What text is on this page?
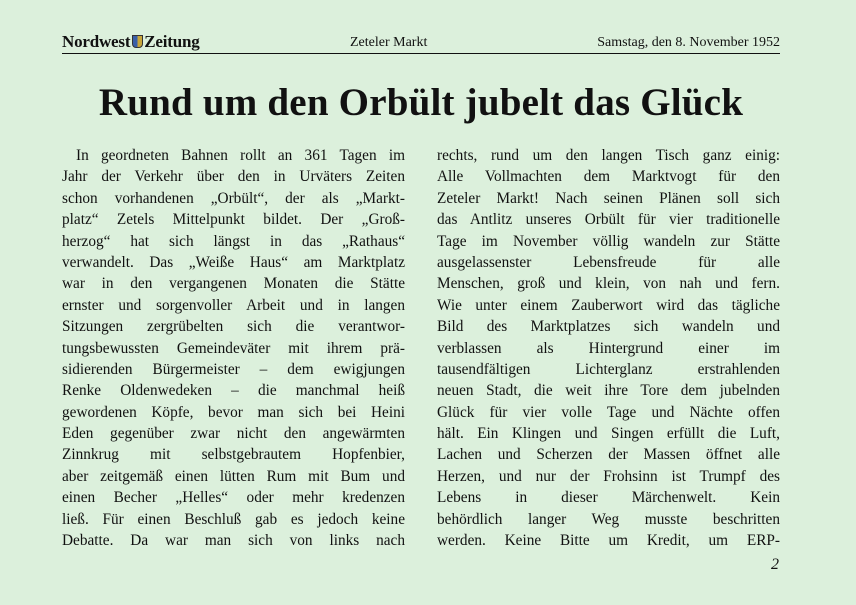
Nordwest Zeitung	Zeteler Markt	Samstag, den 8. November 1952
Rund um den Orbült jubelt das Glück
In geordneten Bahnen rollt an 361 Tagen im
Jahr der Verkehr über den in Urväters Zeiten
schon vorhandenen „Orbült“, der als „Markt-
platz“ Zetels Mittelpunkt bildet. Der „Groß-
herzog“ hat sich längst in das „Rathaus“
verwandelt. Das „Weiße Haus“ am Marktplatz
war in den vergangenen Monaten die Stätte
ernster und sorgenvoller Arbeit und in langen
Sitzungen zergrübelten sich die verantwor-
tungsbewussten Gemeindeväter mit ihrem prä-
sidierenden Bürgermeister – dem ewigjungen
Renke Oldenwedeken – die manchmal heiß
gewordenen Köpfe, bevor man sich bei Heini
Eden gegenüber zwar nicht den angewärmten
Zinnkrug mit selbstgebrautem Hopfenbier,
aber zeitgemäß einen lütten Rum mit Bum und
einen Becher „Helles“ oder mehr kredenzen
ließ. Für einen Beschluß gab es jedoch keine
Debatte. Da war man sich von links nach
rechts, rund um den langen Tisch ganz einig:
Alle Vollmachten dem Marktvogt für den
Zeteler Markt! Nach seinen Plänen soll sich
das Antlitz unseres Orbült für vier traditionelle
Tage im November völlig wandeln zur Stätte
ausgelassenster Lebensfreude für alle
Menschen, groß und klein, von nah und fern.
Wie unter einem Zauberwort wird das tägliche
Bild des Marktplatzes sich wandeln und
verblassen als Hintergrund einer im
tausendfältigen Lichterglanz erstrahlenden
neuen Stadt, die weit ihre Tore dem jubelnden
Glück für vier volle Tage und Nächte offen
hält. Ein Klingen und Singen erfüllt die Luft,
Lachen und Scherzen der Massen öffnet alle
Herzen, und nur der Frohsinn ist Trumpf des
Lebens in dieser Märchenwelt. Kein
behördlich langer Weg musste beschritten
werden. Keine Bitte um Kredit, um ERP-
2
